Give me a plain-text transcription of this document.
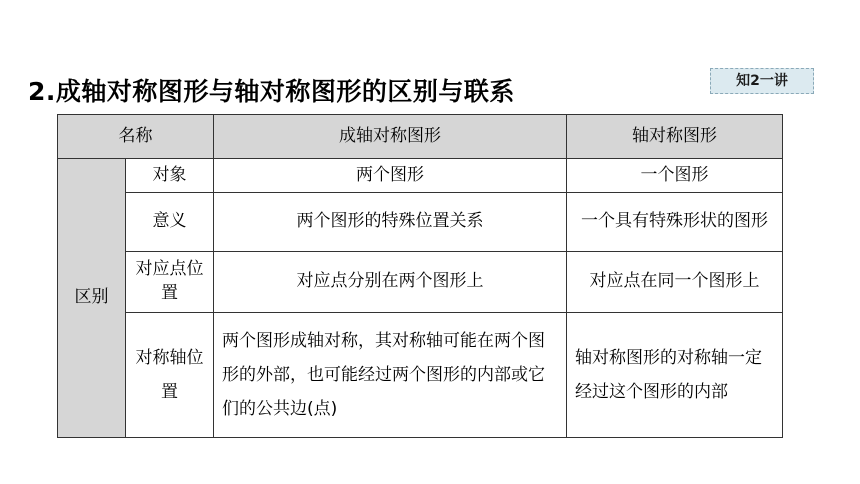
2.成轴对称图形与轴对称图形的区别与联系	知2一讲
名称		成轴对称图形	轴对称图形
区别	对象	两个图形	一个图形
	意义	两个图形的特殊位置关系	一个具有特殊形状的图形
	对应点位置	对应点分别在两个图形上	对应点在同一个图形上
	对称轴位置	两个图形成轴对称，其对称轴可能在两个图形的外部，也可能经过两个图形的内部或它们的公共边(点)	轴对称图形的对称轴一定经过这个图形的内部
